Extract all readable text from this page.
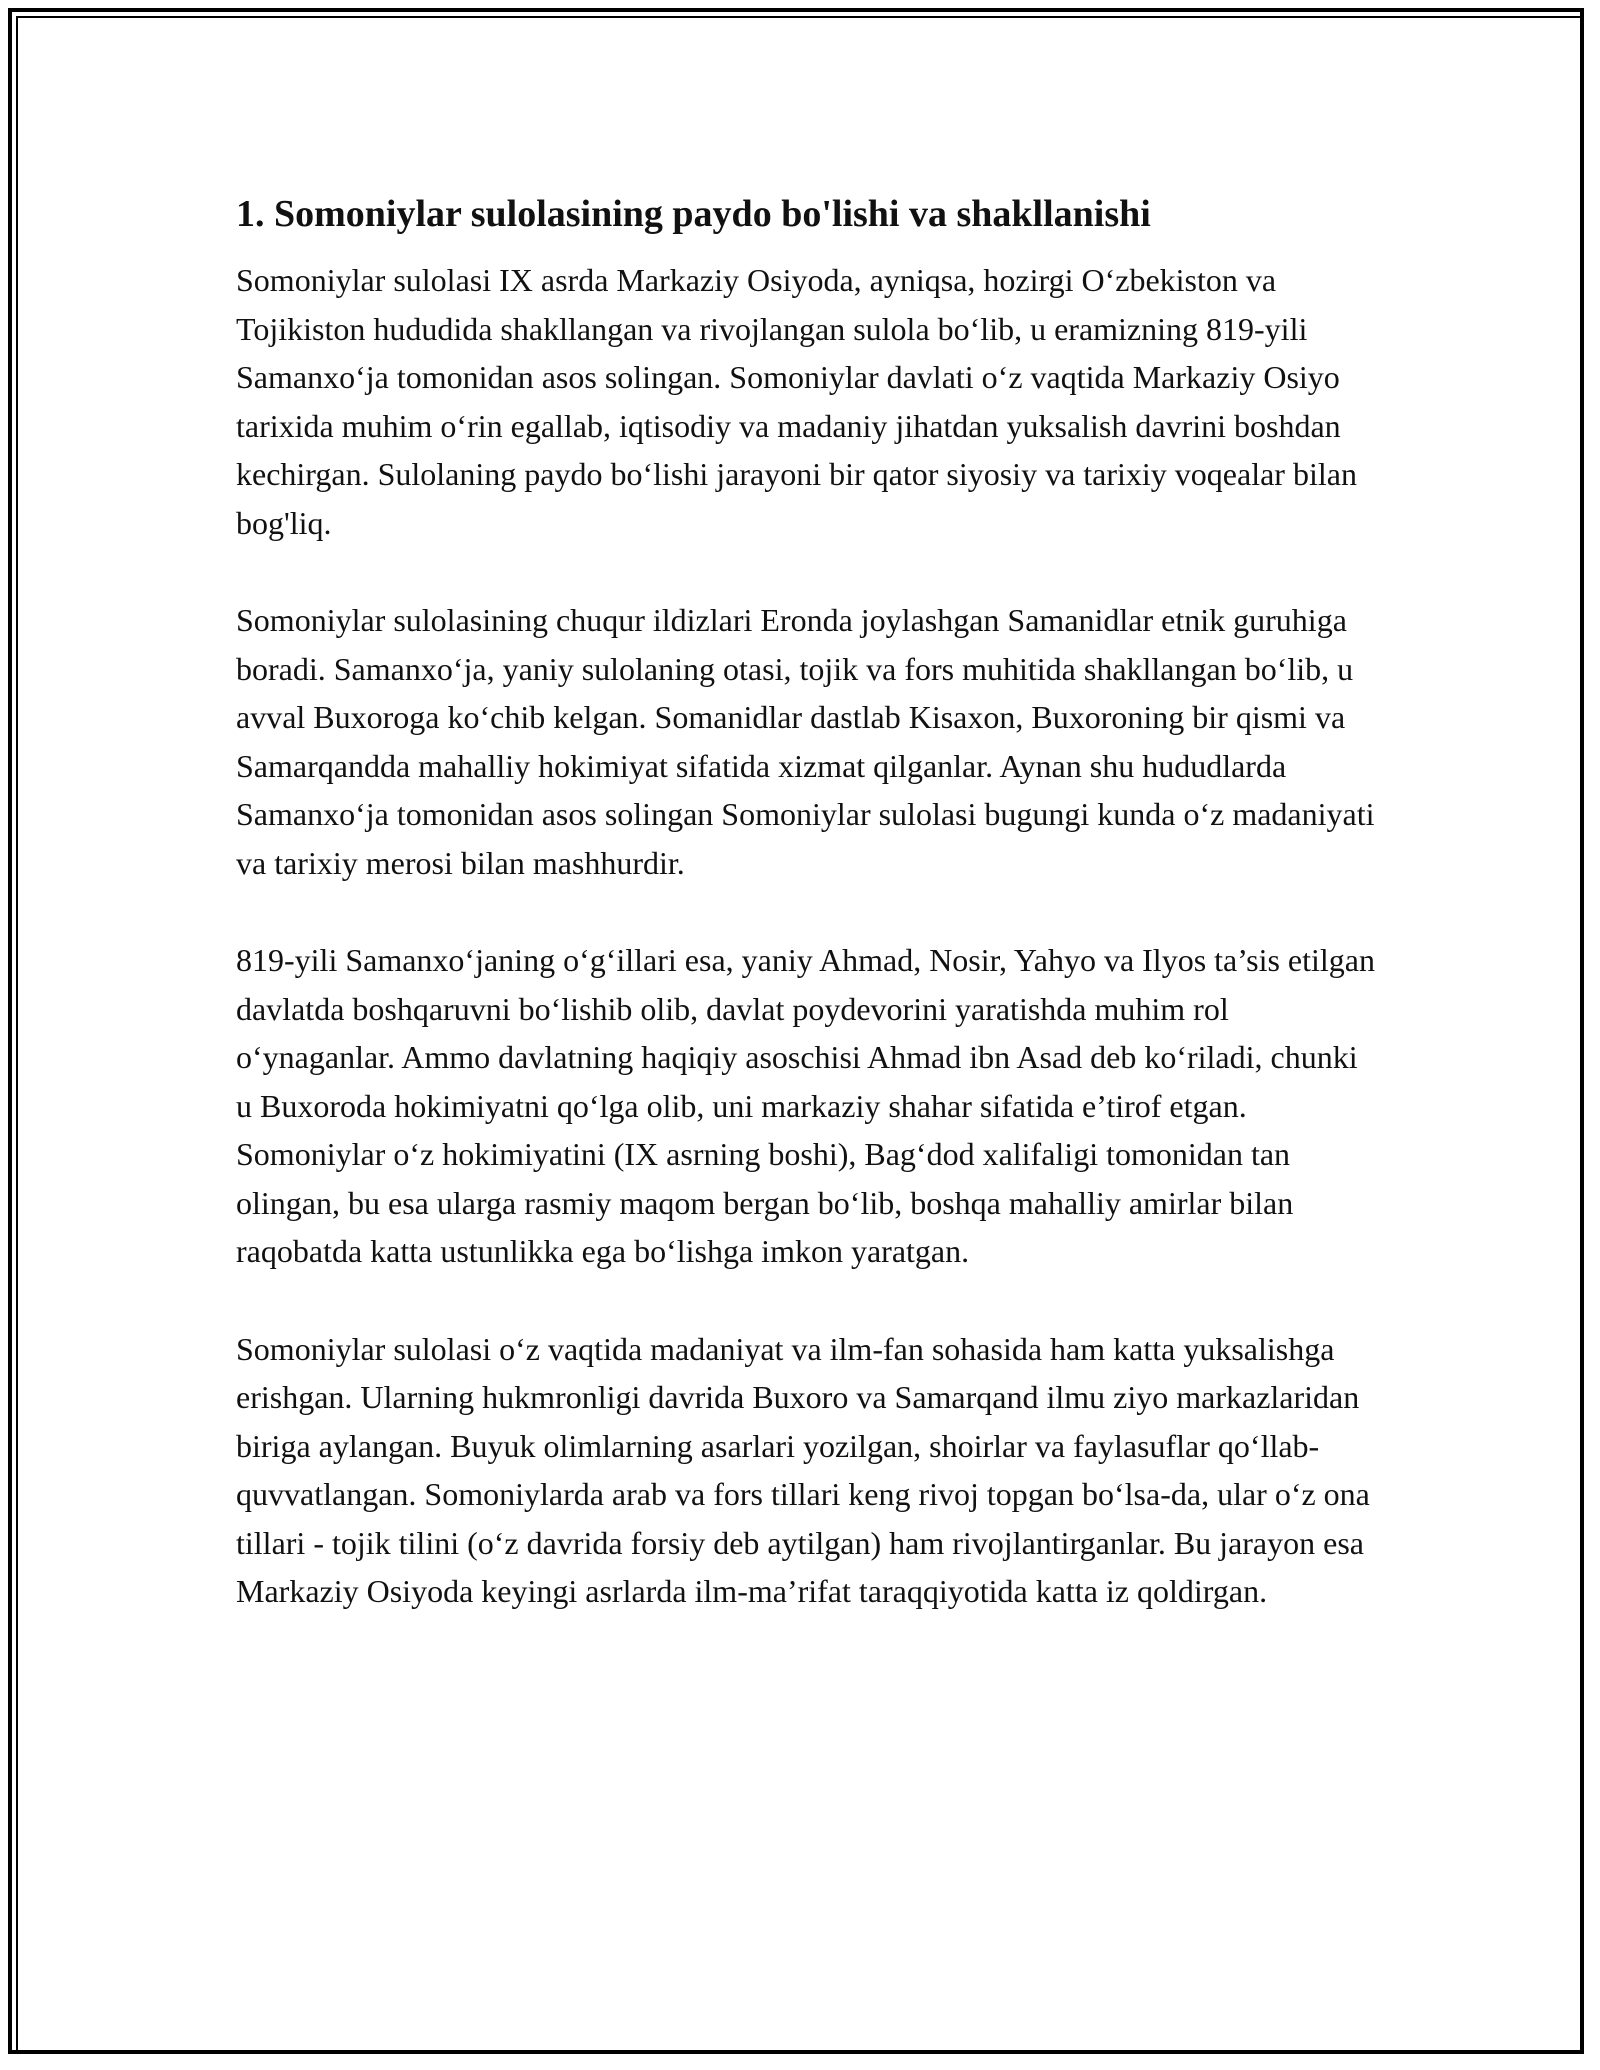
1. Somoniylar sulolasining paydo bo'lishi va shakllanishi

Somoniylar sulolasi IX asrda Markaziy Osiyoda, ayniqsa, hozirgi O‘zbekiston va Tojikiston hududida shakllangan va rivojlangan sulola bo‘lib, u eramizning 819-yili Samanxo‘ja tomonidan asos solingan. Somoniylar davlati o‘z vaqtida Markaziy Osiyo tarixida muhim o‘rin egallab, iqtisodiy va madaniy jihatdan yuksalish davrini boshdan kechirgan. Sulolaning paydo bo‘lishi jarayoni bir qator siyosiy va tarixiy voqealar bilan bog'liq.

Somoniylar sulolasining chuqur ildizlari Eronda joylashgan Samanidlar etnik guruhiga boradi. Samanxo‘ja, yaniy sulolaning otasi, tojik va fors muhitida shakllangan bo‘lib, u avval Buxoroga ko‘chib kelgan. Somanidlar dastlab Kisaxon, Buxoroning bir qismi va Samarqandda mahalliy hokimiyat sifatida xizmat qilganlar. Aynan shu hududlarda Samanxo‘ja tomonidan asos solingan Somoniylar sulolasi bugungi kunda o‘z madaniyati va tarixiy merosi bilan mashhurdir.

819-yili Samanxo‘janing o‘g‘illari esa, yaniy Ahmad, Nosir, Yahyo va Ilyos ta’sis etilgan davlatda boshqaruvni bo‘lishib olib, davlat poydevorini yaratishda muhim rol o‘ynaganlar. Ammo davlatning haqiqiy asoschisi Ahmad ibn Asad deb ko‘riladi, chunki u Buxoroda hokimiyatni qo‘lga olib, uni markaziy shahar sifatida e’tirof etgan. Somoniylar o‘z hokimiyatini (IX asrning boshi), Bag‘dod xalifaligi tomonidan tan olingan, bu esa ularga rasmiy maqom bergan bo‘lib, boshqa mahalliy amirlar bilan raqobatda katta ustunlikka ega bo‘lishga imkon yaratgan.

Somoniylar sulolasi o‘z vaqtida madaniyat va ilm-fan sohasida ham katta yuksalishga erishgan. Ularning hukmronligi davrida Buxoro va Samarqand ilmu ziyo markazlaridan biriga aylangan. Buyuk olimlarning asarlari yozilgan, shoirlar va faylasuflar qo‘llab-quvvatlangan. Somoniylarda arab va fors tillari keng rivoj topgan bo‘lsa-da, ular o‘z ona tillari - tojik tilini (o‘z davrida forsiy deb aytilgan) ham rivojlantirganlar. Bu jarayon esa Markaziy Osiyoda keyingi asrlarda ilm-ma’rifat taraqqiyotida katta iz qoldirgan.
